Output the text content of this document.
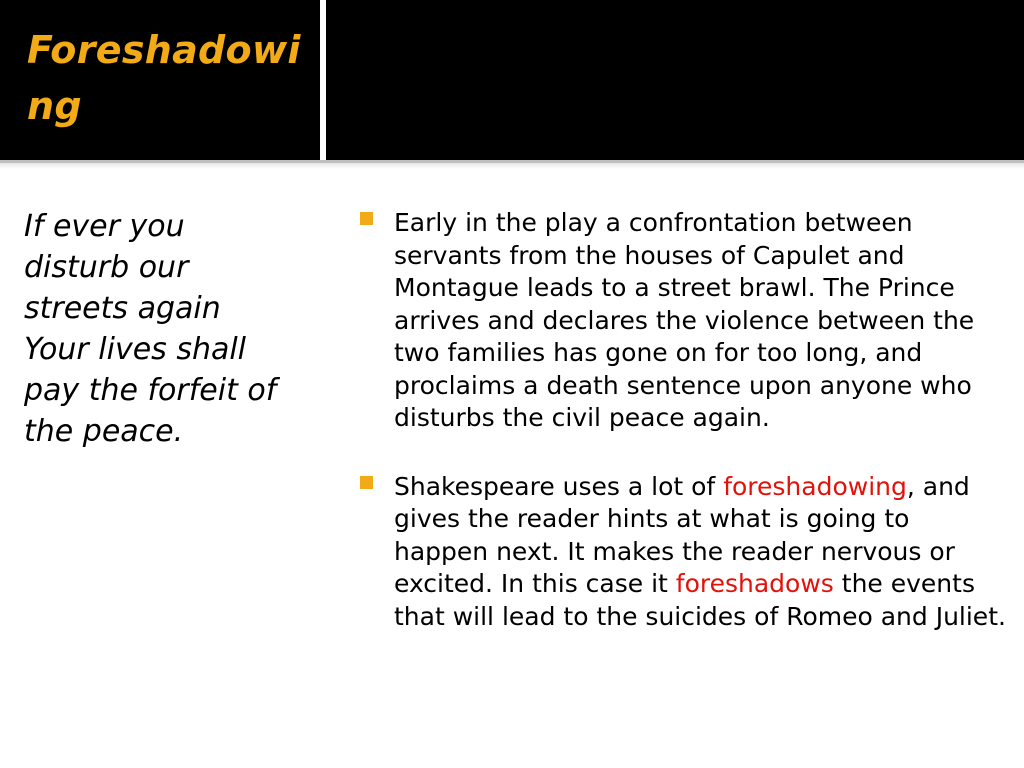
Foreshadowing

If ever you
disturb our
streets again
Your lives shall
pay the forfeit of
the peace.

Early in the play a confrontation between servants from the houses of Capulet and Montague leads to a street brawl. The Prince arrives and declares the violence between the two families has gone on for too long, and proclaims a death sentence upon anyone who disturbs the civil peace again.
Shakespeare uses a lot of foreshadowing, and gives the reader hints at what is going to happen next. It makes the reader nervous or excited. In this case it foreshadows the events that will lead to the suicides of Romeo and Juliet.
